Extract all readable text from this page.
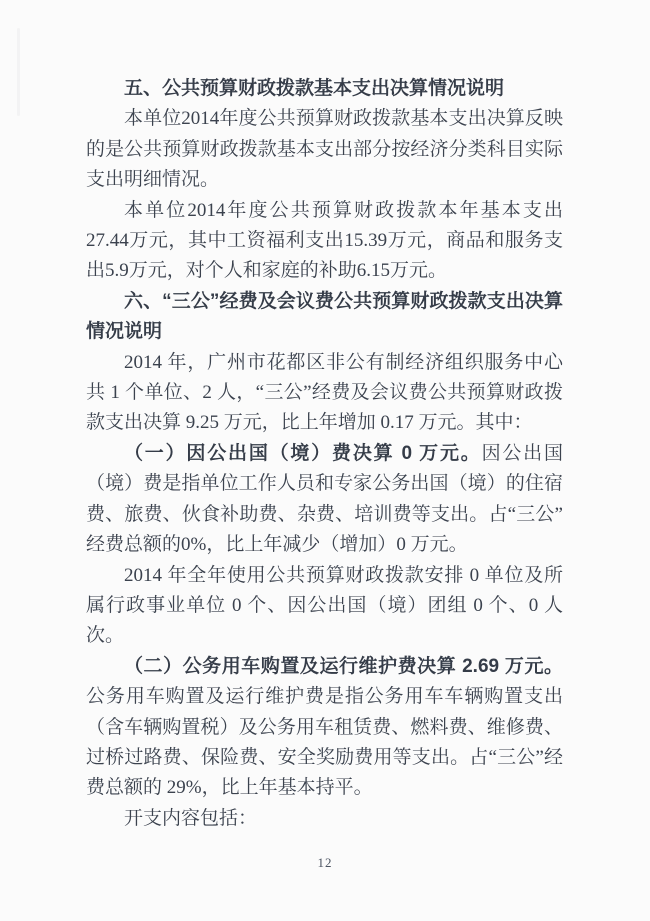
五、公共预算财政拨款基本支出决算情况说明

本单位2014年度公共预算财政拨款基本支出决算反映的是公共预算财政拨款基本支出部分按经济分类科目实际支出明细情况。

本单位2014年度公共预算财政拨款本年基本支出27.44万元，其中工资福利支出15.39万元，商品和服务支出5.9万元，对个人和家庭的补助6.15万元。

六、“三公”经费及会议费公共预算财政拨款支出决算情况说明

2014 年，广州市花都区非公有制经济组织服务中心共 1 个单位、2 人，“三公”经费及会议费公共预算财政拨款支出决算 9.25 万元，比上年增加 0.17 万元。其中：

（一）因公出国（境）费决算 0 万元。因公出国（境）费是指单位工作人员和专家公务出国（境）的住宿费、旅费、伙食补助费、杂费、培训费等支出。占“三公”经费总额的0%，比上年减少（增加）0 万元。

2014 年全年使用公共预算财政拨款安排 0 单位及所属行政事业单位 0 个、因公出国（境）团组 0 个、0 人次。

（二）公务用车购置及运行维护费决算 2.69 万元。公务用车购置及运行维护费是指公务用车车辆购置支出（含车辆购置税）及公务用车租赁费、燃料费、维修费、过桥过路费、保险费、安全奖励费用等支出。占“三公”经费总额的 29%，比上年基本持平。

开支内容包括：

12
